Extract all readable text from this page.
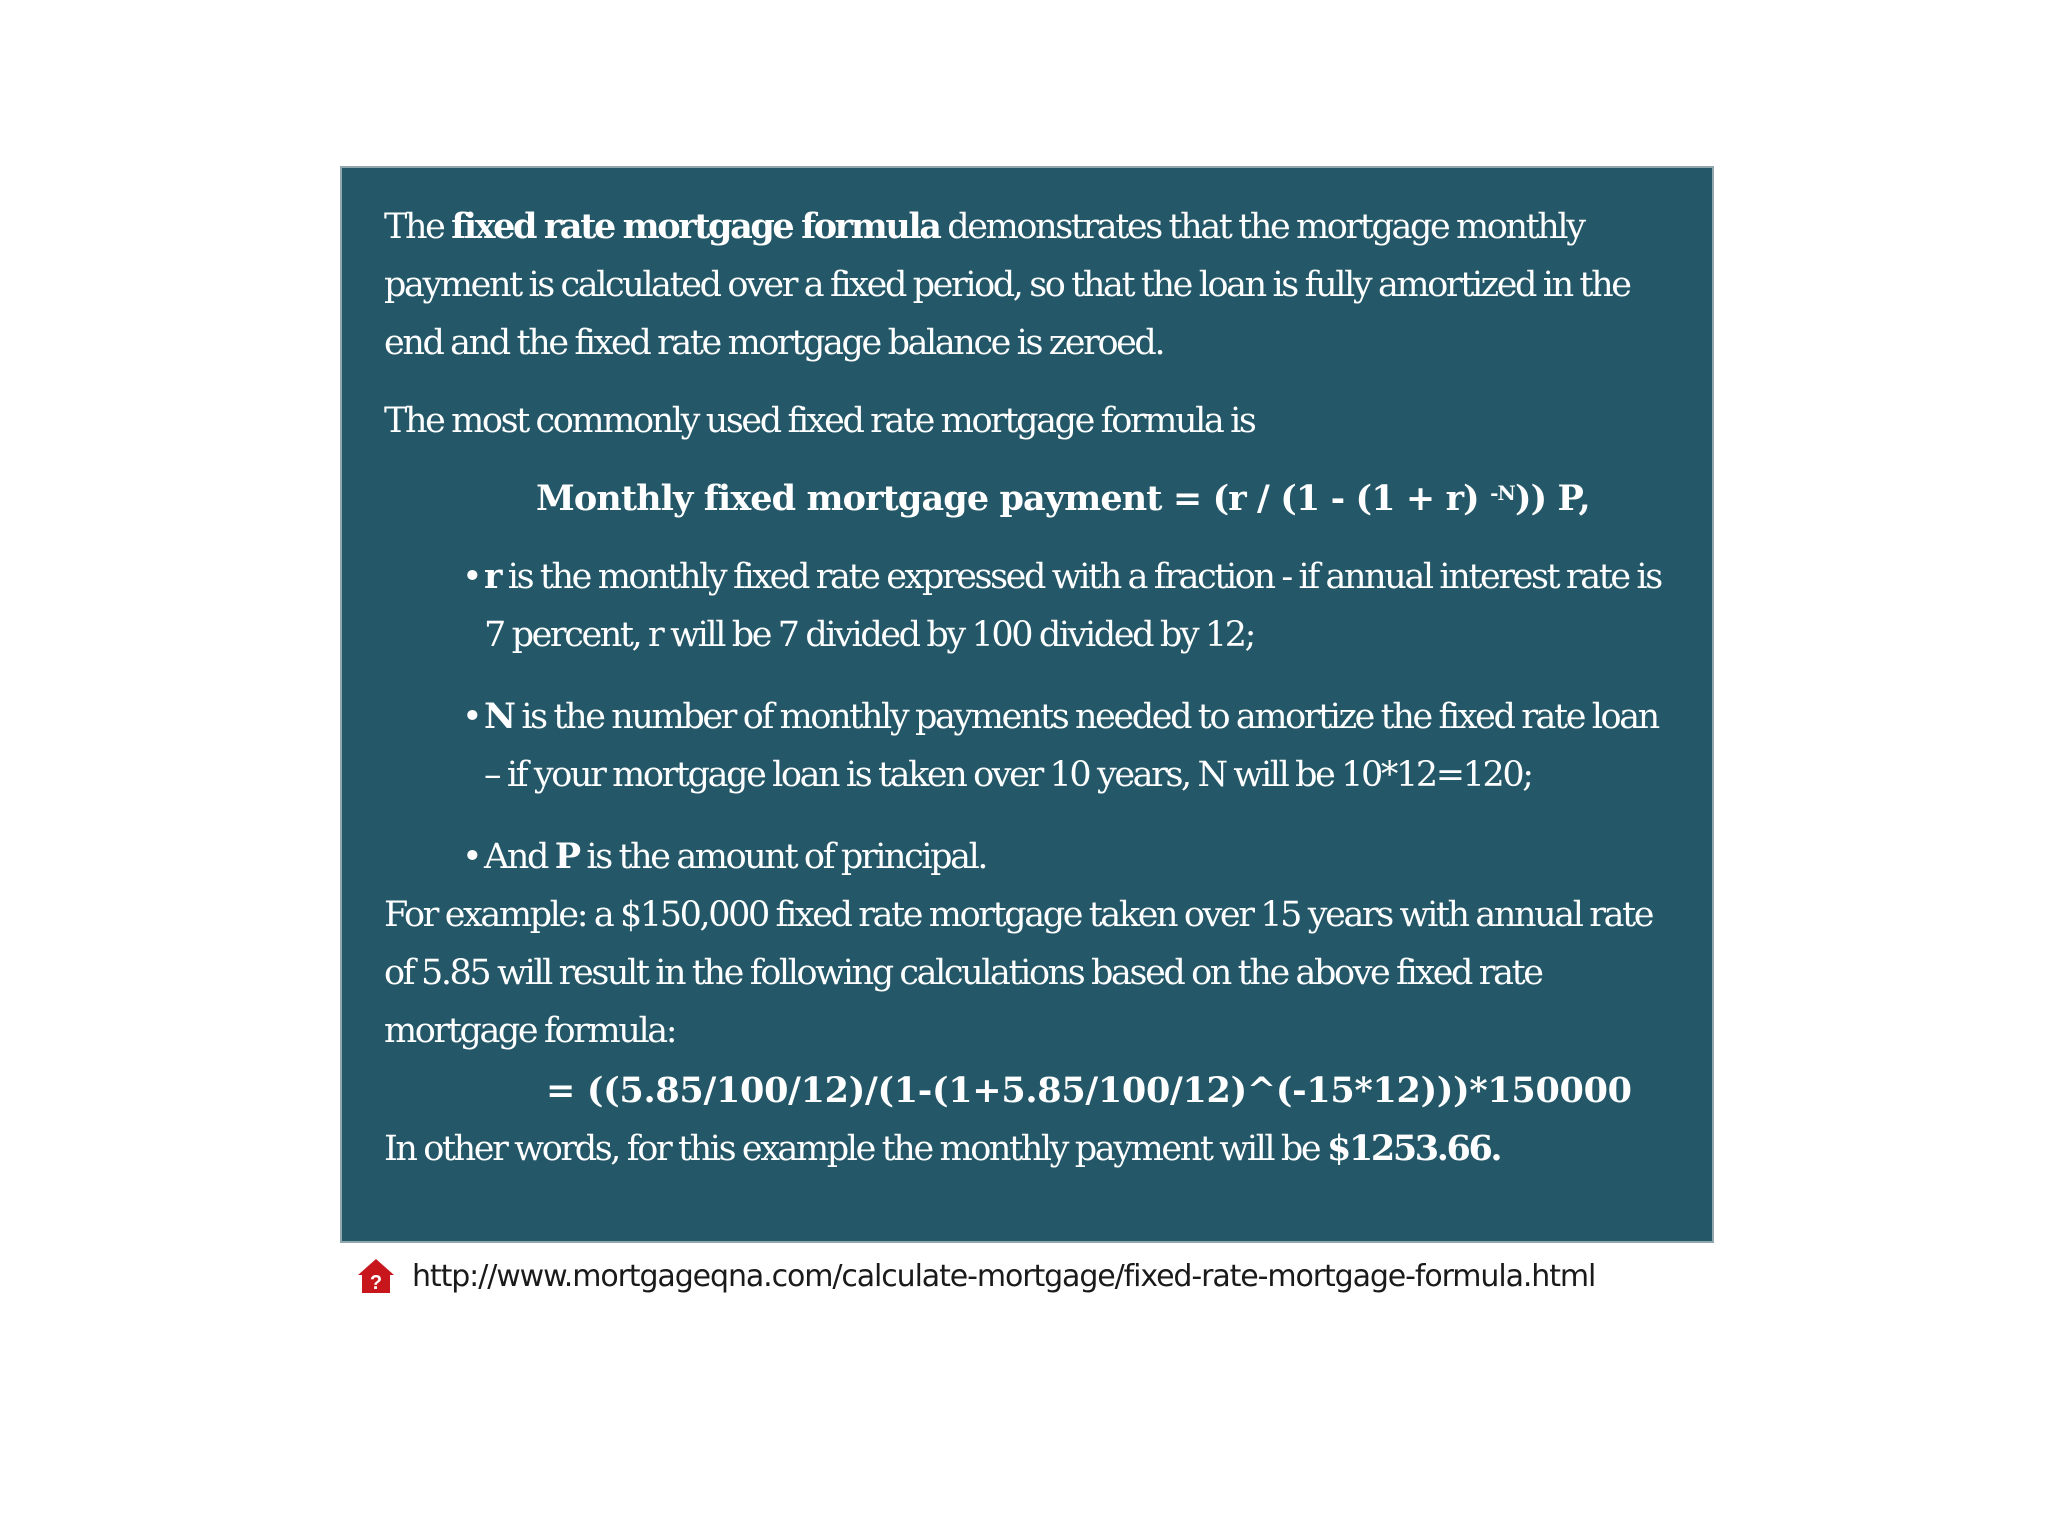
The fixed rate mortgage formula demonstrates that the mortgage monthly payment is calculated over a fixed period, so that the loan is fully amortized in the end and the fixed rate mortgage balance is zeroed.

The most commonly used fixed rate mortgage formula is

Monthly fixed mortgage payment = (r / (1 - (1 + r) $^{-N}$)) P,
• r is the monthly fixed rate expressed with a fraction - if annual interest rate is 7 percent, r will be 7 divided by 100 divided by 12;
• N is the number of monthly payments needed to amortize the fixed rate loan – if your mortgage loan is taken over 10 years, N will be 10*12=120;
• And P is the amount of principal.

For example: a $150,000 fixed rate mortgage taken over 15 years with annual rate of 5.85 will result in the following calculations based on the above fixed rate mortgage formula:

= ((5.85/100/12)/(1-(1+5.85/100/12)^(-15*12)))*150000

In other words, for this example the monthly payment will be $1253.66.

? http://www.mortgageqna.com/calculate-mortgage/fixed-rate-mortgage-formula.html
